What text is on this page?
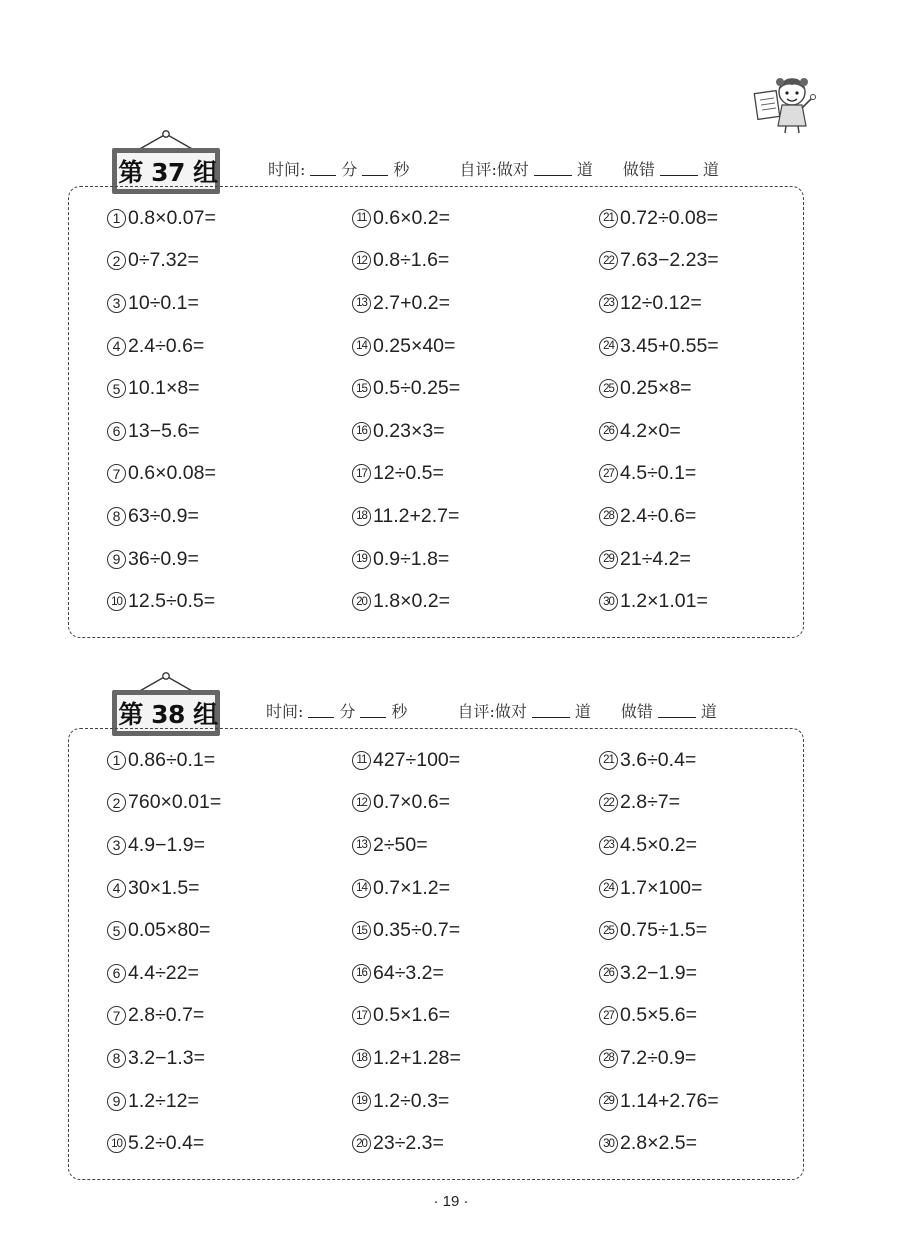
第 37 组	时间: 分 秒	自评:做对	道 做错	道
1 0.8×0.07=
2 0÷7.32=
3 10÷0.1=
4 2.4÷0.6=
5 10.1×8=
6 13−5.6=
7 0.6×0.08=
8 63÷0.9=
9 36÷0.9=
10 12.5÷0.5=
11 0.6×0.2=
12 0.8÷1.6=
13 2.7+0.2=
14 0.25×40=
15 0.5÷0.25=
16 0.23×3=
17 12÷0.5=
18 11.2+2.7=
19 0.9÷1.8=
20 1.8×0.2=
21 0.72÷0.08=
22 7.63−2.23=
23 12÷0.12=
24 3.45+0.55=
25 0.25×8=
26 4.2×0=
27 4.5÷0.1=
28 2.4÷0.6=
29 21÷4.2=
30 1.2×1.01=
第 38 组	时间: 分 秒	自评:做对	道 做错	道
1 0.86÷0.1=
2 760×0.01=
3 4.9−1.9=
4 30×1.5=
5 0.05×80=
6 4.4÷22=
7 2.8÷0.7=
8 3.2−1.3=
9 1.2÷12=
10 5.2÷0.4=
11 427÷100=
12 0.7×0.6=
13 2÷50=
14 0.7×1.2=
15 0.35÷0.7=
16 64÷3.2=
17 0.5×1.6=
18 1.2+1.28=
19 1.2÷0.3=
20 23÷2.3=
21 3.6÷0.4=
22 2.8÷7=
23 4.5×0.2=
24 1.7×100=
25 0.75÷1.5=
26 3.2−1.9=
27 0.5×5.6=
28 7.2÷0.9=
29 1.14+2.76=
30 2.8×2.5=
· 19 ·
